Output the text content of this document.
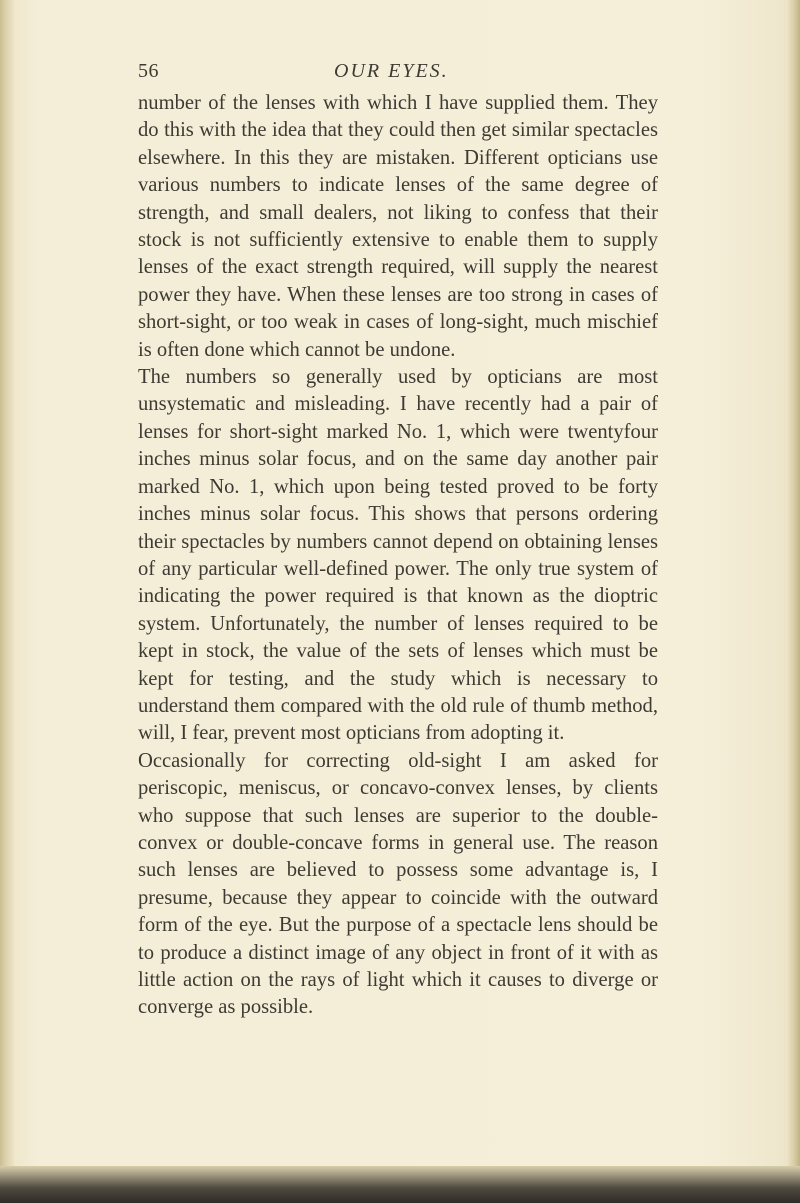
56	OUR EYES.

number of the lenses with which I have supplied them. They do this with the idea that they could then get similar spectacles elsewhere. In this they are mistaken. Different opticians use various numbers to indicate lenses of the same degree of strength, and small dealers, not liking to confess that their stock is not sufficiently extensive to enable them to supply lenses of the exact strength required, will supply the nearest power they have. When these lenses are too strong in cases of short-sight, or too weak in cases of long-sight, much mischief is often done which cannot be undone.

The numbers so generally used by opticians are most unsystematic and misleading. I have recently had a pair of lenses for short-sight marked No. 1, which were twentyfour inches minus solar focus, and on the same day another pair marked No. 1, which upon being tested proved to be forty inches minus solar focus. This shows that persons ordering their spectacles by numbers cannot depend on obtaining lenses of any particular well-defined power. The only true system of indicating the power required is that known as the dioptric system. Unfortunately, the number of lenses required to be kept in stock, the value of the sets of lenses which must be kept for testing, and the study which is necessary to understand them compared with the old rule of thumb method, will, I fear, prevent most opticians from adopting it.

Occasionally for correcting old-sight I am asked for periscopic, meniscus, or concavo-convex lenses, by clients who suppose that such lenses are superior to the double-convex or double-concave forms in general use. The reason such lenses are believed to possess some advantage is, I presume, because they appear to coincide with the outward form of the eye. But the purpose of a spectacle lens should be to produce a distinct image of any object in front of it with as little action on the rays of light which it causes to diverge or converge as possible.
